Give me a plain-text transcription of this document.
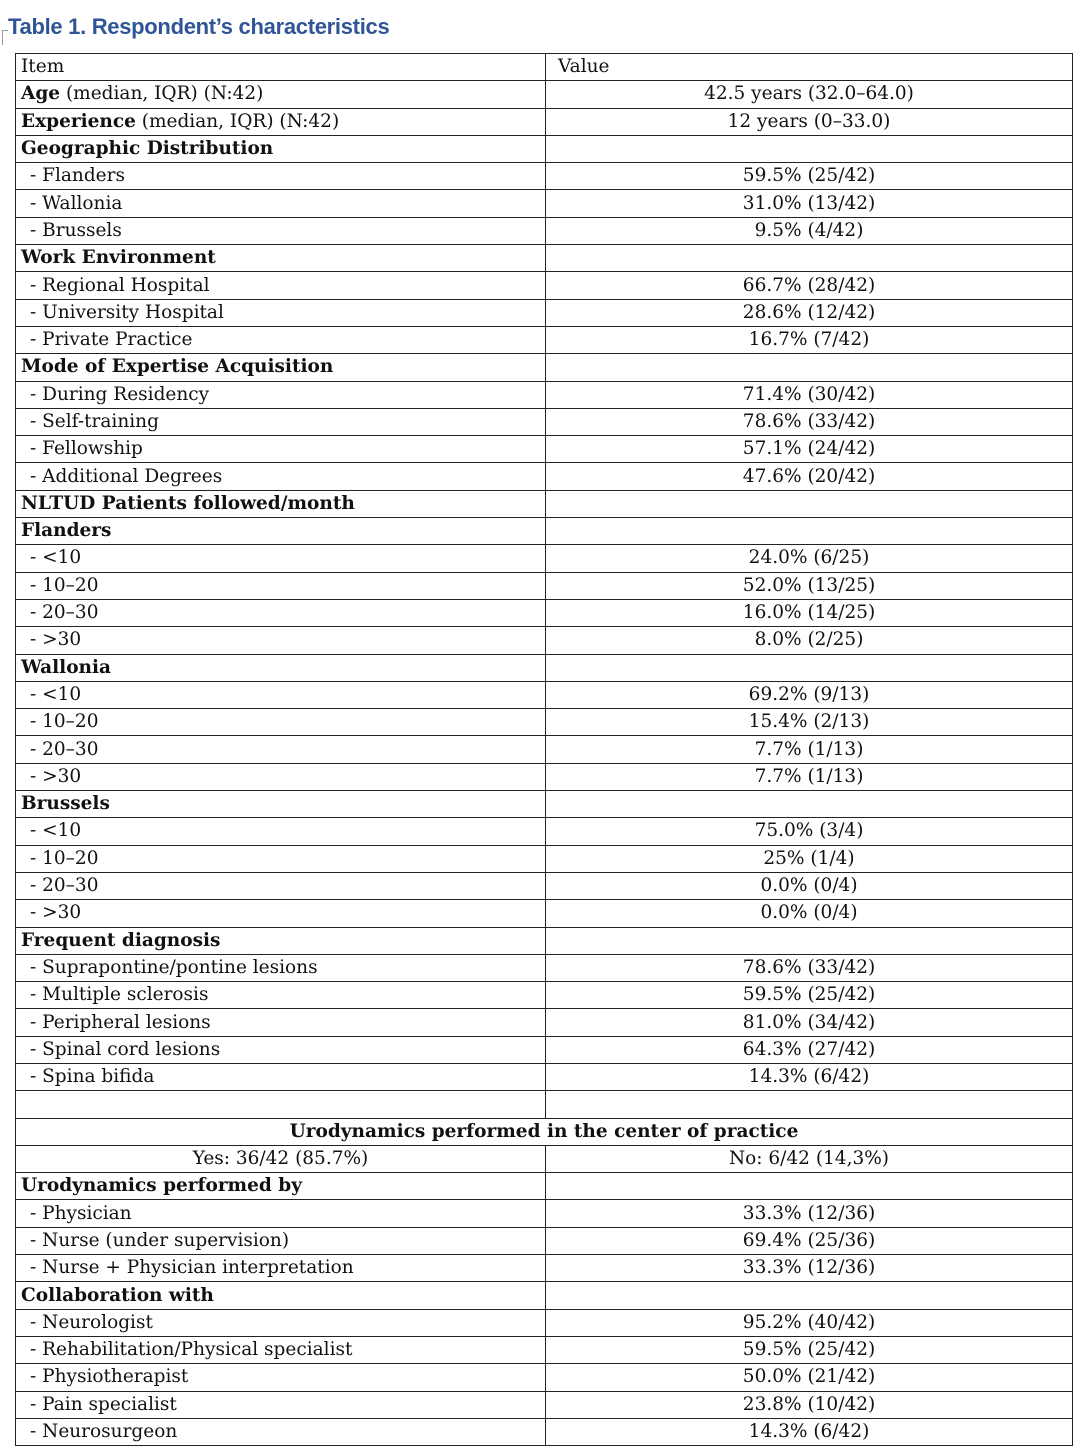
Table 1. Respondent’s characteristics
Item	Value
Age (median, IQR) (N:42)	42.5 years (32.0–64.0)
Experience (median, IQR) (N:42)	12 years (0–33.0)
Geographic Distribution	
- Flanders	59.5% (25/42)
- Wallonia	31.0% (13/42)
- Brussels	9.5% (4/42)
Work Environment	
- Regional Hospital	66.7% (28/42)
- University Hospital	28.6% (12/42)
- Private Practice	16.7% (7/42)
Mode of Expertise Acquisition	
- During Residency	71.4% (30/42)
- Self-training	78.6% (33/42)
- Fellowship	57.1% (24/42)
- Additional Degrees	47.6% (20/42)
NLTUD Patients followed/month	
Flanders	
- <10	24.0% (6/25)
- 10–20	52.0% (13/25)
- 20–30	16.0% (14/25)
- >30	8.0% (2/25)
Wallonia	
- <10	69.2% (9/13)
- 10–20	15.4% (2/13)
- 20–30	7.7% (1/13)
- >30	7.7% (1/13)
Brussels	
- <10	75.0% (3/4)
- 10–20	25% (1/4)
- 20–30	0.0% (0/4)
- >30	0.0% (0/4)
Frequent diagnosis	
- Suprapontine/pontine lesions	78.6% (33/42)
- Multiple sclerosis	59.5% (25/42)
- Peripheral lesions	81.0% (34/42)
- Spinal cord lesions	64.3% (27/42)
- Spina bifida	14.3% (6/42)

Urodynamics performed in the center of practice	
Yes: 36/42 (85.7%)	No: 6/42 (14,3%)
Urodynamics performed by	
- Physician	33.3% (12/36)
- Nurse (under supervision)	69.4% (25/36)
- Nurse + Physician interpretation	33.3% (12/36)
Collaboration with	
- Neurologist	95.2% (40/42)
- Rehabilitation/Physical specialist	59.5% (25/42)
- Physiotherapist	50.0% (21/42)
- Pain specialist	23.8% (10/42)
- Neurosurgeon	14.3% (6/42)
